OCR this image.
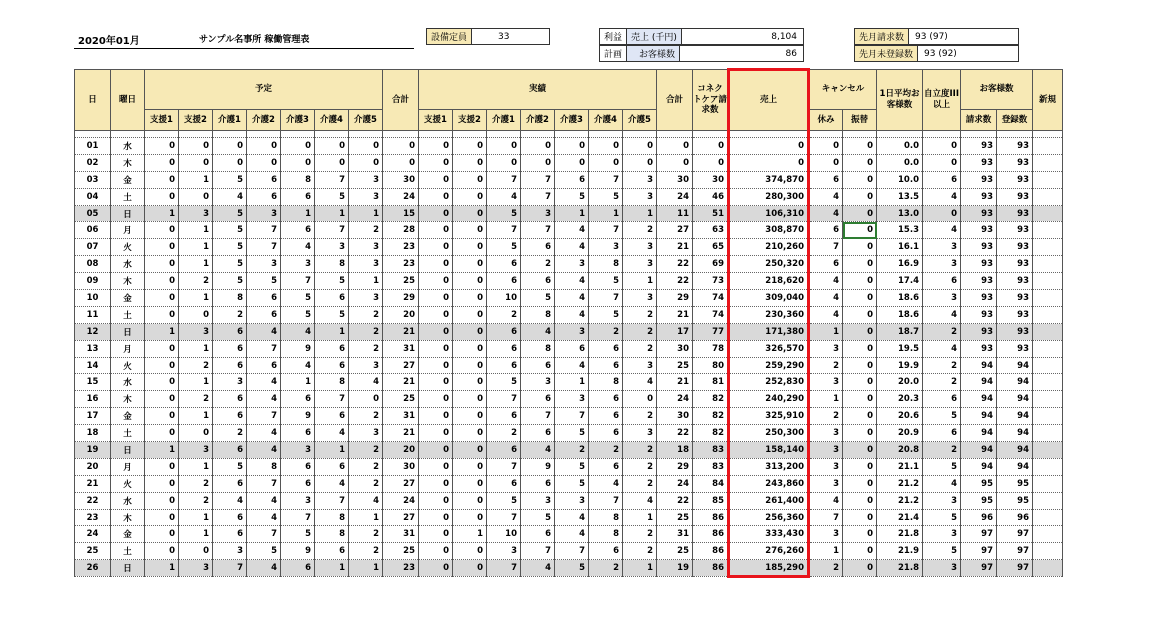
2020年01月	サンプル名事所 稼働管理表	設備定員	33	利益	売上 (千円)	8,104
計画	お客様数	86
先月請求数	93 (97)
先月未登録数	93 (92)
日	曜日	予定							合計	実績							合計	コネクトケア請求数	売上	キャンセル		1日平均お客様数	自立度III以上	お客様数		新規
		支援1	支援2	介護1	介護2	介護3	介護4	介護5		支援1	支援2	介護1	介護2	介護3	介護4	介護5				休み	振替			請求数	登録数	

01	水	0	0	0	0	0	0	0	0	0	0	0	0	0	0	0	0	0	0	0	0	0.0	0	93	93	
02	木	0	0	0	0	0	0	0	0	0	0	0	0	0	0	0	0	0	0	0	0	0.0	0	93	93	
03	金	0	1	5	6	8	7	3	30	0	0	7	7	6	7	3	30	30	374,870	6	0	10.0	6	93	93	
04	土	0	0	4	6	6	5	3	24	0	0	4	7	5	5	3	24	46	280,300	4	0	13.5	4	93	93	
05	日	1	3	5	3	1	1	1	15	0	0	5	3	1	1	1	11	51	106,310	4	0	13.0	0	93	93	
06	月	0	1	5	7	6	7	2	28	0	0	7	7	4	7	2	27	63	308,870	6	0	15.3	4	93	93	
07	火	0	1	5	7	4	3	3	23	0	0	5	6	4	3	3	21	65	210,260	7	0	16.1	3	93	93	
08	水	0	1	5	3	3	8	3	23	0	0	6	2	3	8	3	22	69	250,320	6	0	16.9	3	93	93	
09	木	0	2	5	5	7	5	1	25	0	0	6	6	4	5	1	22	73	218,620	4	0	17.4	6	93	93	
10	金	0	1	8	6	5	6	3	29	0	0	10	5	4	7	3	29	74	309,040	4	0	18.6	3	93	93	
11	土	0	0	2	6	5	5	2	20	0	0	2	8	4	5	2	21	74	230,360	4	0	18.6	4	93	93	
12	日	1	3	6	4	4	1	2	21	0	0	6	4	3	2	2	17	77	171,380	1	0	18.7	2	93	93	
13	月	0	1	6	7	9	6	2	31	0	0	6	8	6	6	2	30	78	326,570	3	0	19.5	4	93	93	
14	火	0	2	6	6	4	6	3	27	0	0	6	6	4	6	3	25	80	259,290	2	0	19.9	2	94	94	
15	水	0	1	3	4	1	8	4	21	0	0	5	3	1	8	4	21	81	252,830	3	0	20.0	2	94	94	
16	木	0	2	6	4	6	7	0	25	0	0	7	6	3	6	0	24	82	240,290	1	0	20.3	6	94	94	
17	金	0	1	6	7	9	6	2	31	0	0	6	7	7	6	2	30	82	325,910	2	0	20.6	5	94	94	
18	土	0	0	2	4	6	4	3	21	0	0	2	6	5	6	3	22	82	250,300	3	0	20.9	6	94	94	
19	日	1	3	6	4	3	1	2	20	0	0	6	4	2	2	2	18	83	158,140	3	0	20.8	2	94	94	
20	月	0	1	5	8	6	6	2	30	0	0	7	9	5	6	2	29	83	313,200	3	0	21.1	5	94	94	
21	火	0	2	6	7	6	4	2	27	0	0	6	6	5	4	2	24	84	243,860	3	0	21.2	4	95	95	
22	水	0	2	4	4	3	7	4	24	0	0	5	3	3	7	4	22	85	261,400	4	0	21.2	3	95	95	
23	木	0	1	6	4	7	8	1	27	0	0	7	5	4	8	1	25	86	256,360	7	0	21.4	5	96	96	
24	金	0	1	6	7	5	8	2	31	0	1	10	6	4	8	2	31	86	333,430	3	0	21.8	3	97	97	
25	土	0	0	3	5	9	6	2	25	0	0	3	7	7	6	2	25	86	276,260	1	0	21.9	5	97	97	
26	日	1	3	7	4	6	1	1	23	0	0	7	4	5	2	1	19	86	185,290	2	0	21.8	3	97	97	
